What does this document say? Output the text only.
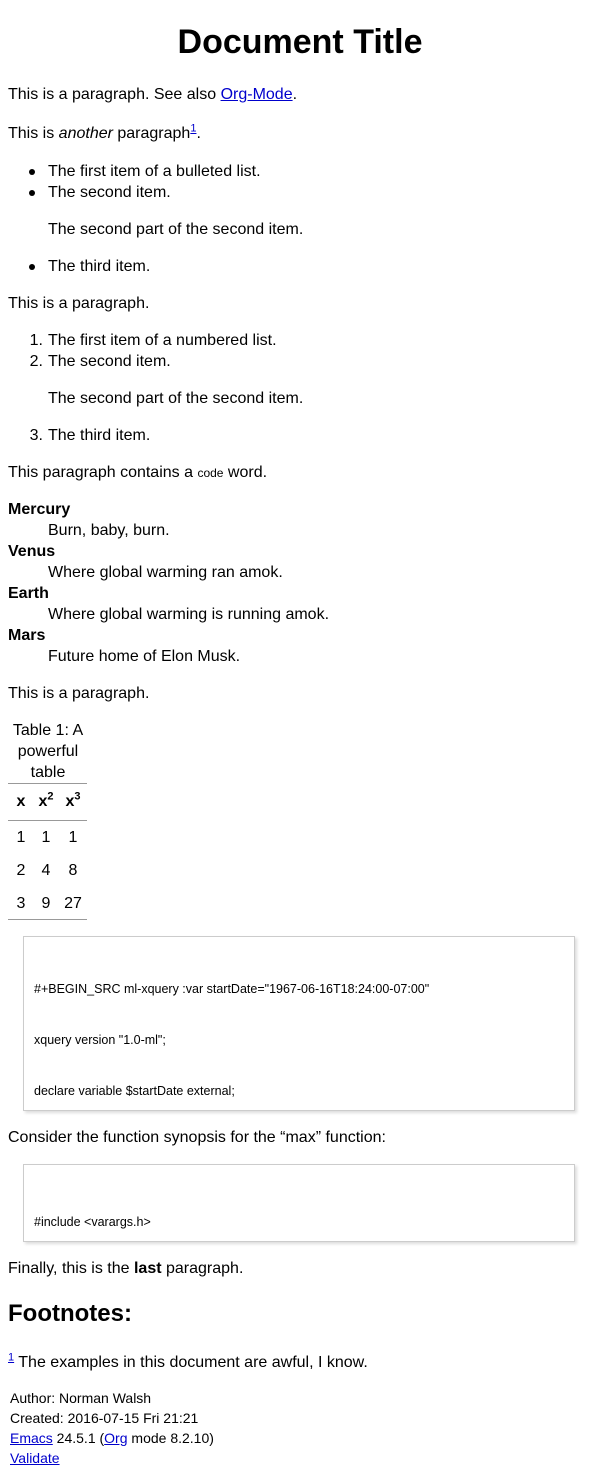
Document Title
This is a paragraph. See also Org-Mode.
This is another paragraph$^1$.
The first item of a bulleted list.
The second item.
The second part of the second item.
The third item.
This is a paragraph.
1. The first item of a numbered list.
2. The second item.
The second part of the second item.
3. The third item.
This paragraph contains a code word.
Mercury
Burn, baby, burn.
Venus
Where global warming ran amok.
Earth
Where global warming is running amok.
Mars
Future home of Elon Musk.
This is a paragraph.
Table 1: A
powerful
table
x $x^2$ $x^3$
1	1	1
2	4	8
3	9 27

#+BEGIN_SRC ml-xquery :var startDate="1967-06-16T18:24:00-07:00"

xquery version "1.0-ml";

declare variable $startDate external;

Consider the function synopsis for the “max” function:

#include <varargs.h>

Finally, this is the last paragraph.
Footnotes:
$^1$ The examples in this document are awful, I know.
Author: Norman Walsh
Created: 2016-07-15 Fri 21:21
Emacs 24.5.1 (Org mode 8.2.10)
Validate
